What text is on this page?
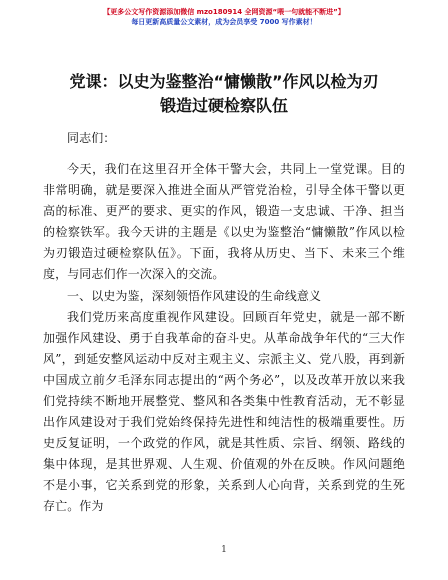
【更多公文写作资源添加微信 mzo180914 全网资源“喂一句就能不断进”】
每日更新高质量公文素材，成为会员享受 7000 写作素材！
党课：以史为鉴整治“慵懒散”作风以检为刃
锻造过硬检察队伍

同志们：

今天，我们在这里召开全体干警大会，共同上一堂党课。目的非常明确，就是要深入推进全面从严管党治检，引导全体干警以更高的标准、更严的要求、更实的作风，锻造一支忠诚、干净、担当的检察铁军。我今天讲的主题是《以史为鉴整治“慵懒散”作风以检为刃锻造过硬检察队伍》。下面，我将从历史、当下、未来三个维度，与同志们作一次深入的交流。

一、以史为鉴，深刻领悟作风建设的生命线意义

我们党历来高度重视作风建设。回顾百年党史，就是一部不断加强作风建设、勇于自我革命的奋斗史。从革命战争年代的“三大作风”，到延安整风运动中反对主观主义、宗派主义、党八股，再到新中国成立前夕毛泽东同志提出的“两个务必”，以及改革开放以来我们党持续不断地开展整党、整风和各类集中性教育活动，无不彰显出作风建设对于我们党始终保持先进性和纯洁性的极端重要性。历史反复证明，一个政党的作风，就是其性质、宗旨、纲领、路线的集中体现，是其世界观、人生观、价值观的外在反映。作风问题绝不是小事，它关系到党的形象，关系到人心向背，关系到党的生死存亡。作为

1
